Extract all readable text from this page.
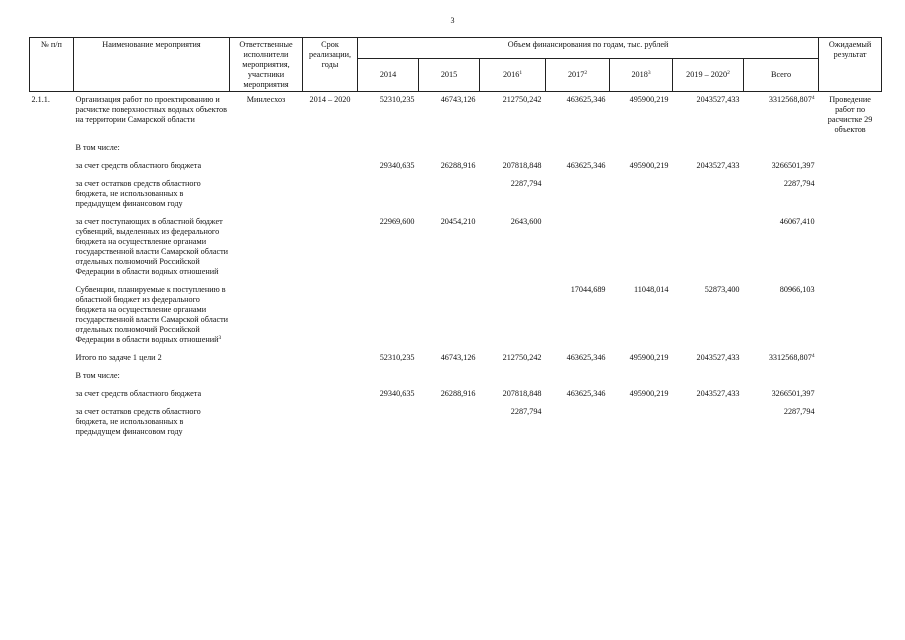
3
№ п/п	Наименование мероприятия	Ответственные исполнители мероприятия, участники мероприятия	Срок реализации, годы	Объем финансирования по годам, тыс. рублей							Ожидаемый результат
				2014	2015	2016$^1$	2017$^2$	2018$^3$	2019 – 2020$^2$	Всего	
2.1.1.	Организация работ по проектированию и расчистке поверхностных водных объектов на территории Самарской области	Минлесхоз	2014 – 2020	52310,235	46743,126	212750,242	463625,346	495900,219	2043527,433	3312568,807$^4$	Проведение работ по расчистке 29 объектов

	В том числе:										

	за счет средств областного бюджета			29340,635	26288,916	207818,848	463625,346	495900,219	2043527,433	3266501,397	

	за счет остатков средств областного бюджета, не использованных в предыдущем финансовом году					2287,794				2287,794	

	за счет поступающих в областной бюджет субвенций, выделенных из федерального бюджета на осуществление органами государственной власти Самарской области отдельных полномочий Российской Федерации в области водных отношений			22969,600	20454,210	2643,600				46067,410	

	Субвенции, планируемые к поступлению в областной бюджет из федерального бюджета на осуществление органами государственной власти Самарской области отдельных полномочий Российской Федерации в области водных отношений$^3$						17044,689	11048,014	52873,400	80966,103	

	Итого по задаче 1 цели 2			52310,235	46743,126	212750,242	463625,346	495900,219	2043527,433	3312568,807$^4$	

	В том числе:										

	за счет средств областного бюджета			29340,635	26288,916	207818,848	463625,346	495900,219	2043527,433	3266501,397	

	за счет остатков средств областного бюджета, не использованных в предыдущем финансовом году					2287,794				2287,794	
